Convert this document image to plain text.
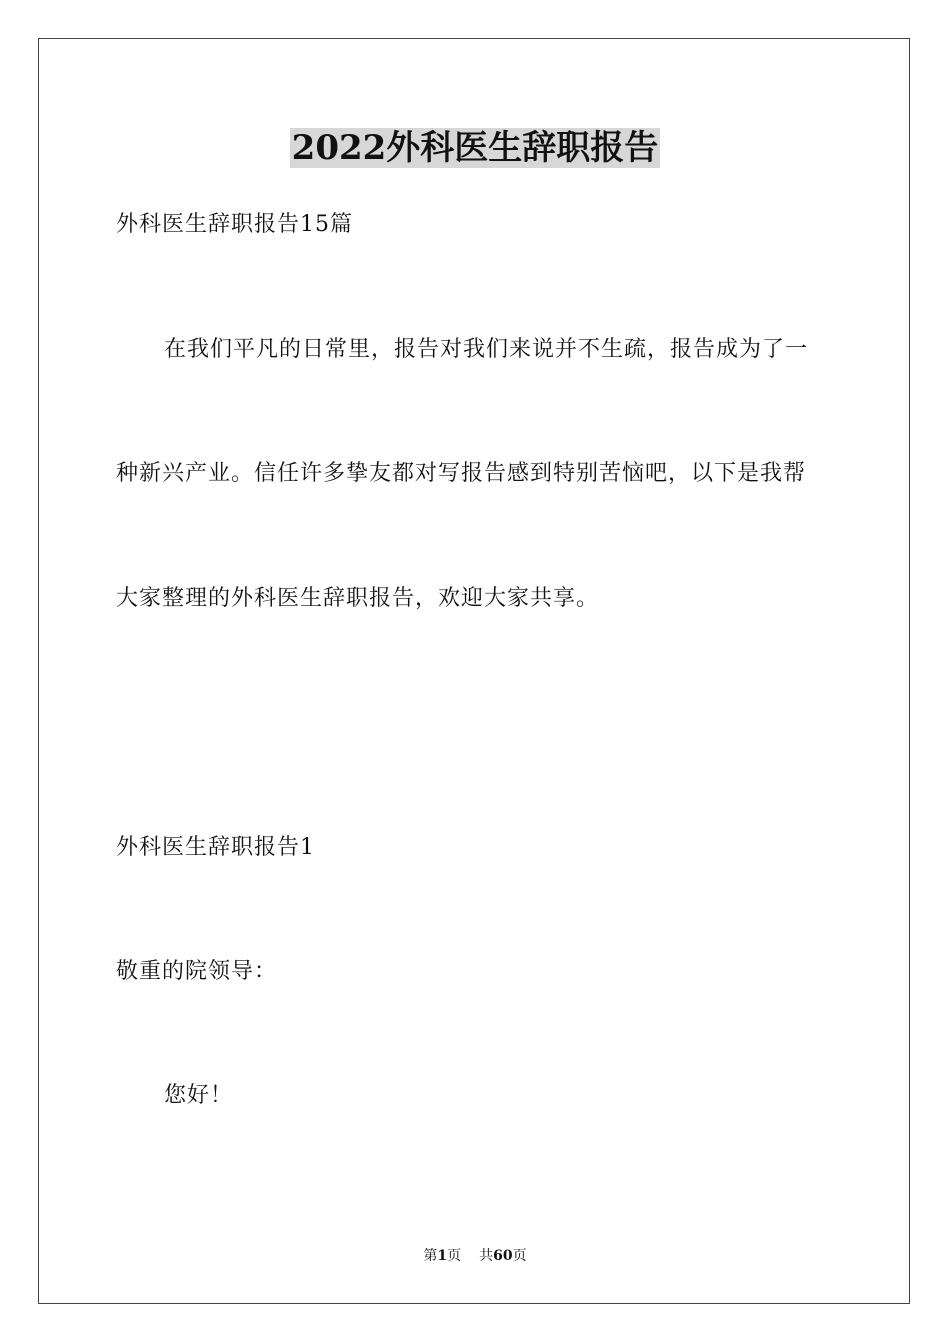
2022外科医生辞职报告
外科医生辞职报告15篇
在我们平凡的日常里，报告对我们来说并不生疏，报告成为了一
种新兴产业。信任许多挚友都对写报告感到特别苦恼吧，以下是我帮
大家整理的外科医生辞职报告，欢迎大家共享。
外科医生辞职报告1
敬重的院领导：
您好！
第1页 共60页
